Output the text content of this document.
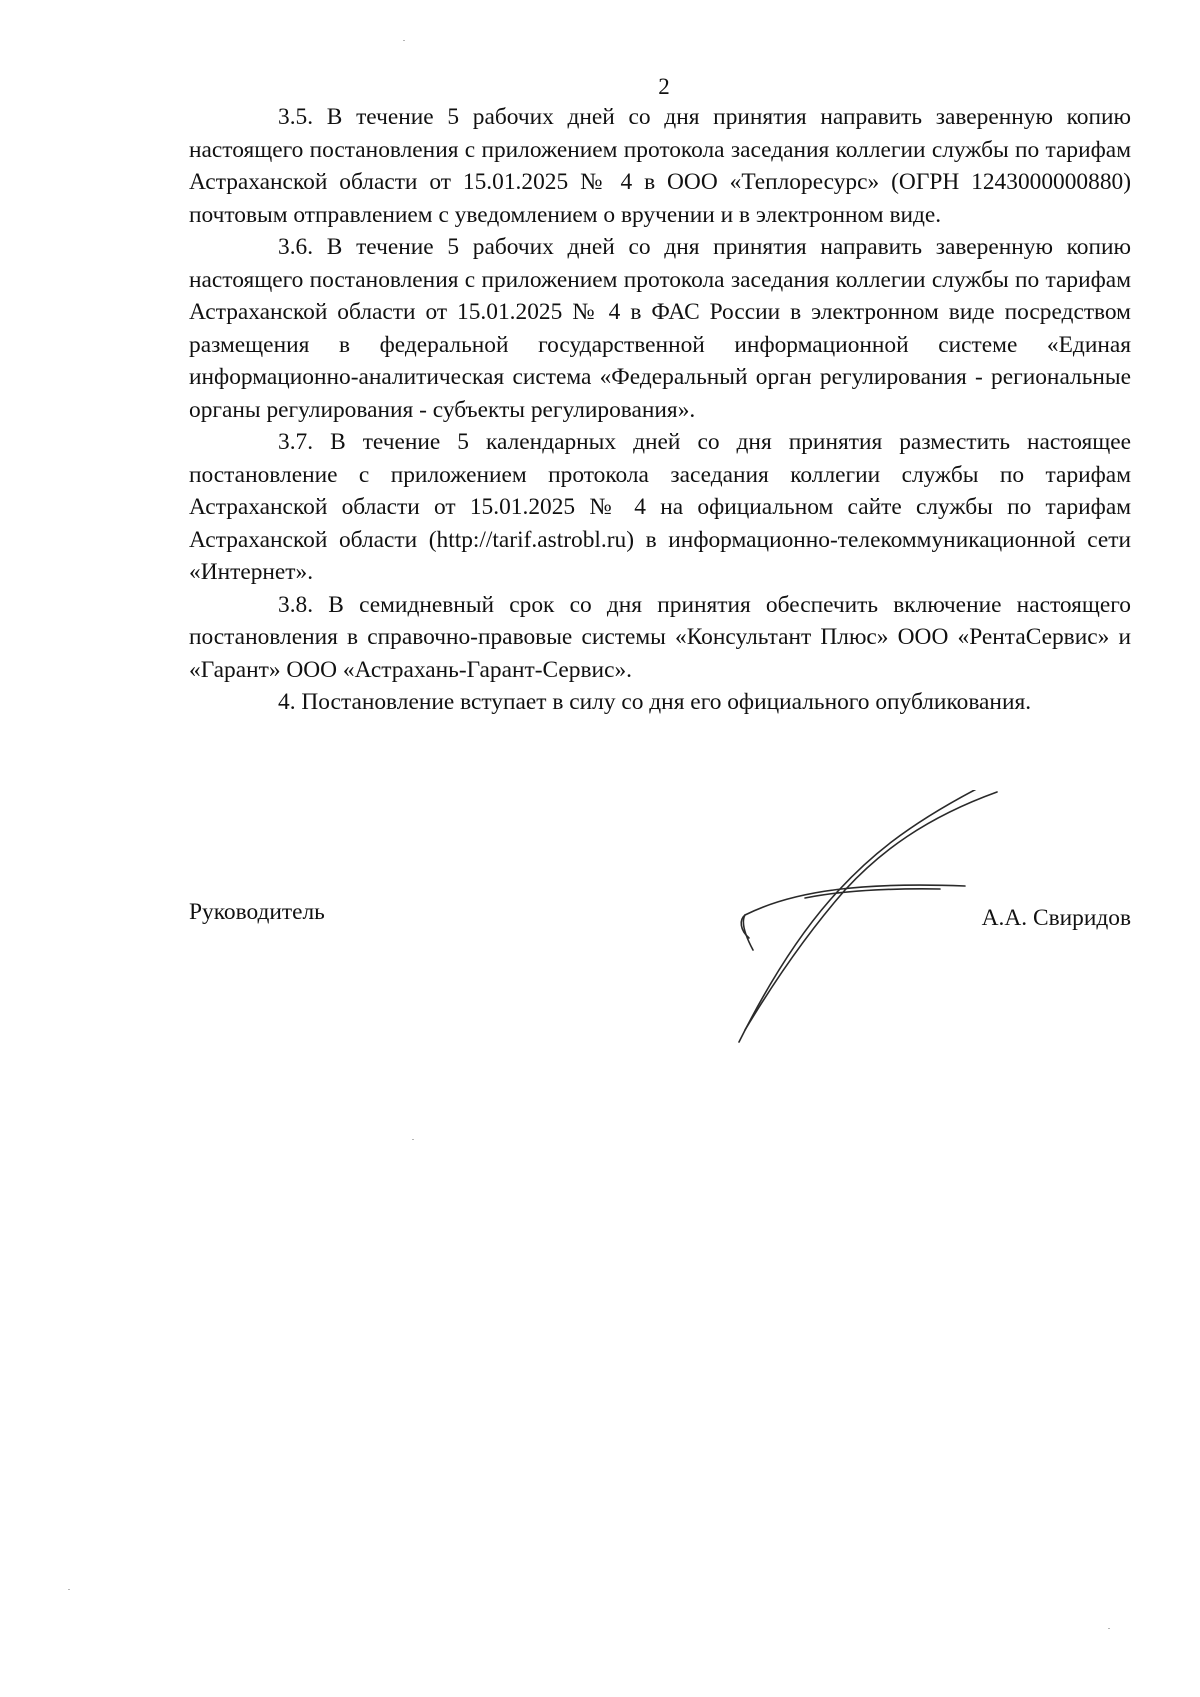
2

3.5. В течение 5 рабочих дней со дня принятия направить заверенную копию настоящего постановления с приложением протокола заседания коллегии службы по тарифам Астраханской области от 15.01.2025 № 4 в ООО «Теплоресурс» (ОГРН 1243000000880) почтовым отправлением с уведомлением о вручении и в электронном виде.

3.6. В течение 5 рабочих дней со дня принятия направить заверенную копию настоящего постановления с приложением протокола заседания коллегии службы по тарифам Астраханской области от 15.01.2025 № 4 в ФАС России в электронном виде посредством размещения в федеральной государственной информационной системе «Единая информационно-аналитическая система «Федеральный орган регулирования - региональные органы регулирования - субъекты регулирования».

3.7. В течение 5 календарных дней со дня принятия разместить настоящее постановление с приложением протокола заседания коллегии службы по тарифам Астраханской области от 15.01.2025 № 4 на официальном сайте службы по тарифам Астраханской области (http://tarif.astrobl.ru) в информационно-телекоммуникационной сети «Интернет».

3.8. В семидневный срок со дня принятия обеспечить включение настоящего постановления в справочно-правовые системы «Консультант Плюс» ООО «РентаСервис» и «Гарант» ООО «Астрахань-Гарант-Сервис».

4. Постановление вступает в силу со дня его официального опубликования.

Руководитель	А.А. Свиридов
